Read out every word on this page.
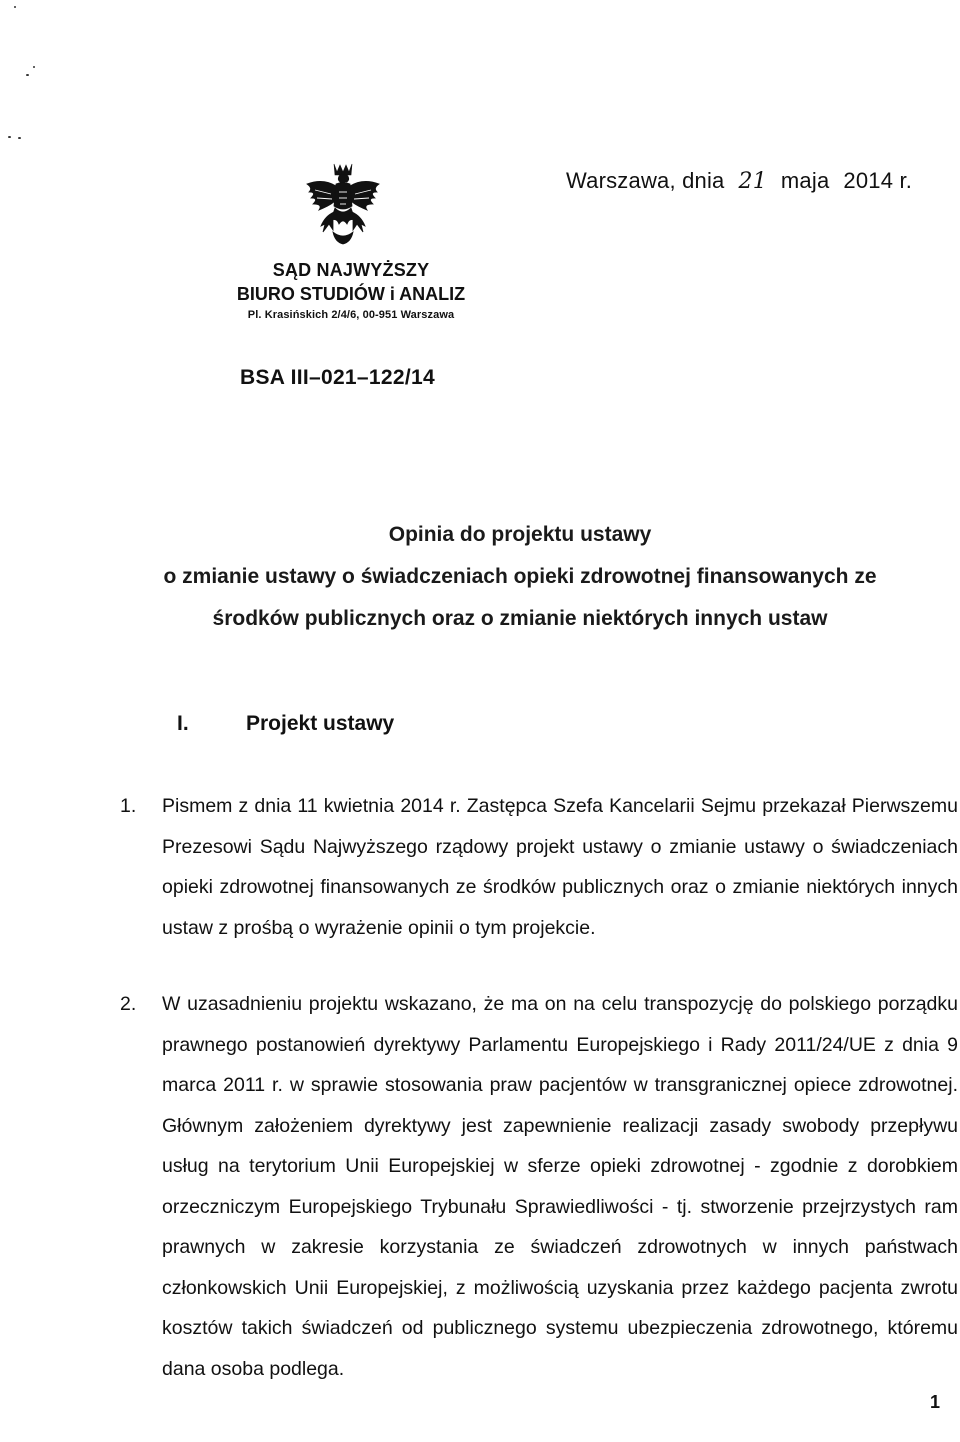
Warszawa, dnia 21 maja 2014 r.
SĄD NAJWYŻSZY
BIURO STUDIÓW i ANALIZ
Pl. Krasińskich 2/4/6, 00-951 Warszawa
BSA III–021–122/14
Opinia do projektu ustawy
o zmianie ustawy o świadczeniach opieki zdrowotnej finansowanych ze
środków publicznych oraz o zmianie niektórych innych ustaw
I.	Projekt ustawy
1.	Pismem z dnia 11 kwietnia 2014 r. Zastępca Szefa Kancelarii Sejmu przekazał Pierwszemu Prezesowi Sądu Najwyższego rządowy projekt ustawy o zmianie ustawy o świadczeniach opieki zdrowotnej finansowanych ze środków publicznych oraz o zmianie niektórych innych ustaw z prośbą o wyrażenie opinii o tym projekcie.
2.	W uzasadnieniu projektu wskazano, że ma on na celu transpozycję do polskiego porządku prawnego postanowień dyrektywy Parlamentu Europejskiego i Rady 2011/24/UE z dnia 9 marca 2011 r. w sprawie stosowania praw pacjentów w transgranicznej opiece zdrowotnej. Głównym założeniem dyrektywy jest zapewnienie realizacji zasady swobody przepływu usług na terytorium Unii Europejskiej w sferze opieki zdrowotnej - zgodnie z dorobkiem orzeczniczym Europejskiego Trybunału Sprawiedliwości - tj. stworzenie przejrzystych ram prawnych w zakresie korzystania ze świadczeń zdrowotnych w innych państwach członkowskich Unii Europejskiej, z możliwością uzyskania przez każdego pacjenta zwrotu kosztów takich świadczeń od publicznego systemu ubezpieczenia zdrowotnego, któremu dana osoba podlega.
1
